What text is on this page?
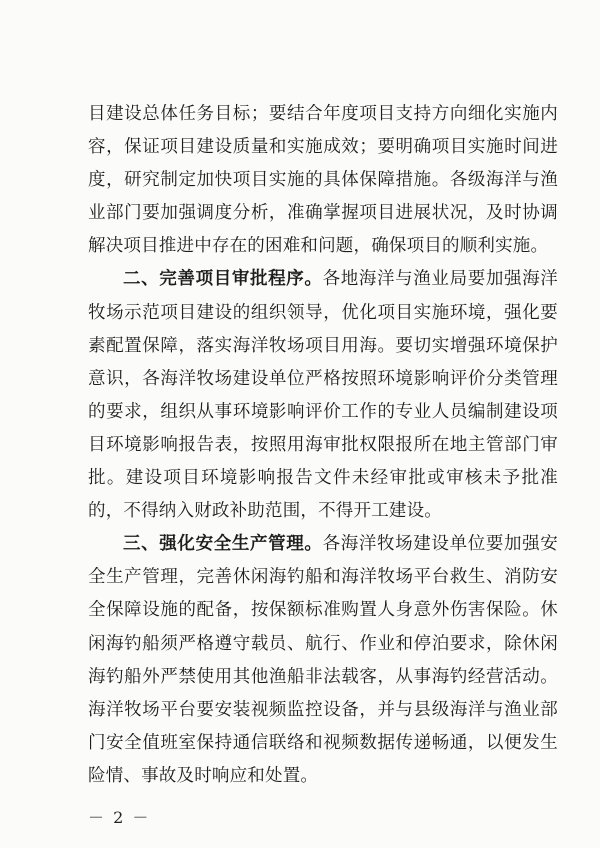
目建设总体任务目标；要结合年度项目支持方向细化实施内容，保证项目建设质量和实施成效；要明确项目实施时间进度，研究制定加快项目实施的具体保障措施。各级海洋与渔业部门要加强调度分析，准确掌握项目进展状况，及时协调解决项目推进中存在的困难和问题，确保项目的顺利实施。

二、完善项目审批程序。各地海洋与渔业局要加强海洋牧场示范项目建设的组织领导，优化项目实施环境，强化要素配置保障，落实海洋牧场项目用海。要切实增强环境保护意识，各海洋牧场建设单位严格按照环境影响评价分类管理的要求，组织从事环境影响评价工作的专业人员编制建设项目环境影响报告表，按照用海审批权限报所在地主管部门审批。建设项目环境影响报告文件未经审批或审核未予批准的，不得纳入财政补助范围，不得开工建设。

三、强化安全生产管理。各海洋牧场建设单位要加强安全生产管理，完善休闲海钓船和海洋牧场平台救生、消防安全保障设施的配备，按保额标准购置人身意外伤害保险。休闲海钓船须严格遵守载员、航行、作业和停泊要求，除休闲海钓船外严禁使用其他渔船非法载客，从事海钓经营活动。海洋牧场平台要安装视频监控设备，并与县级海洋与渔业部门安全值班室保持通信联络和视频数据传递畅通，以便发生险情、事故及时响应和处置。

－ 2 －
